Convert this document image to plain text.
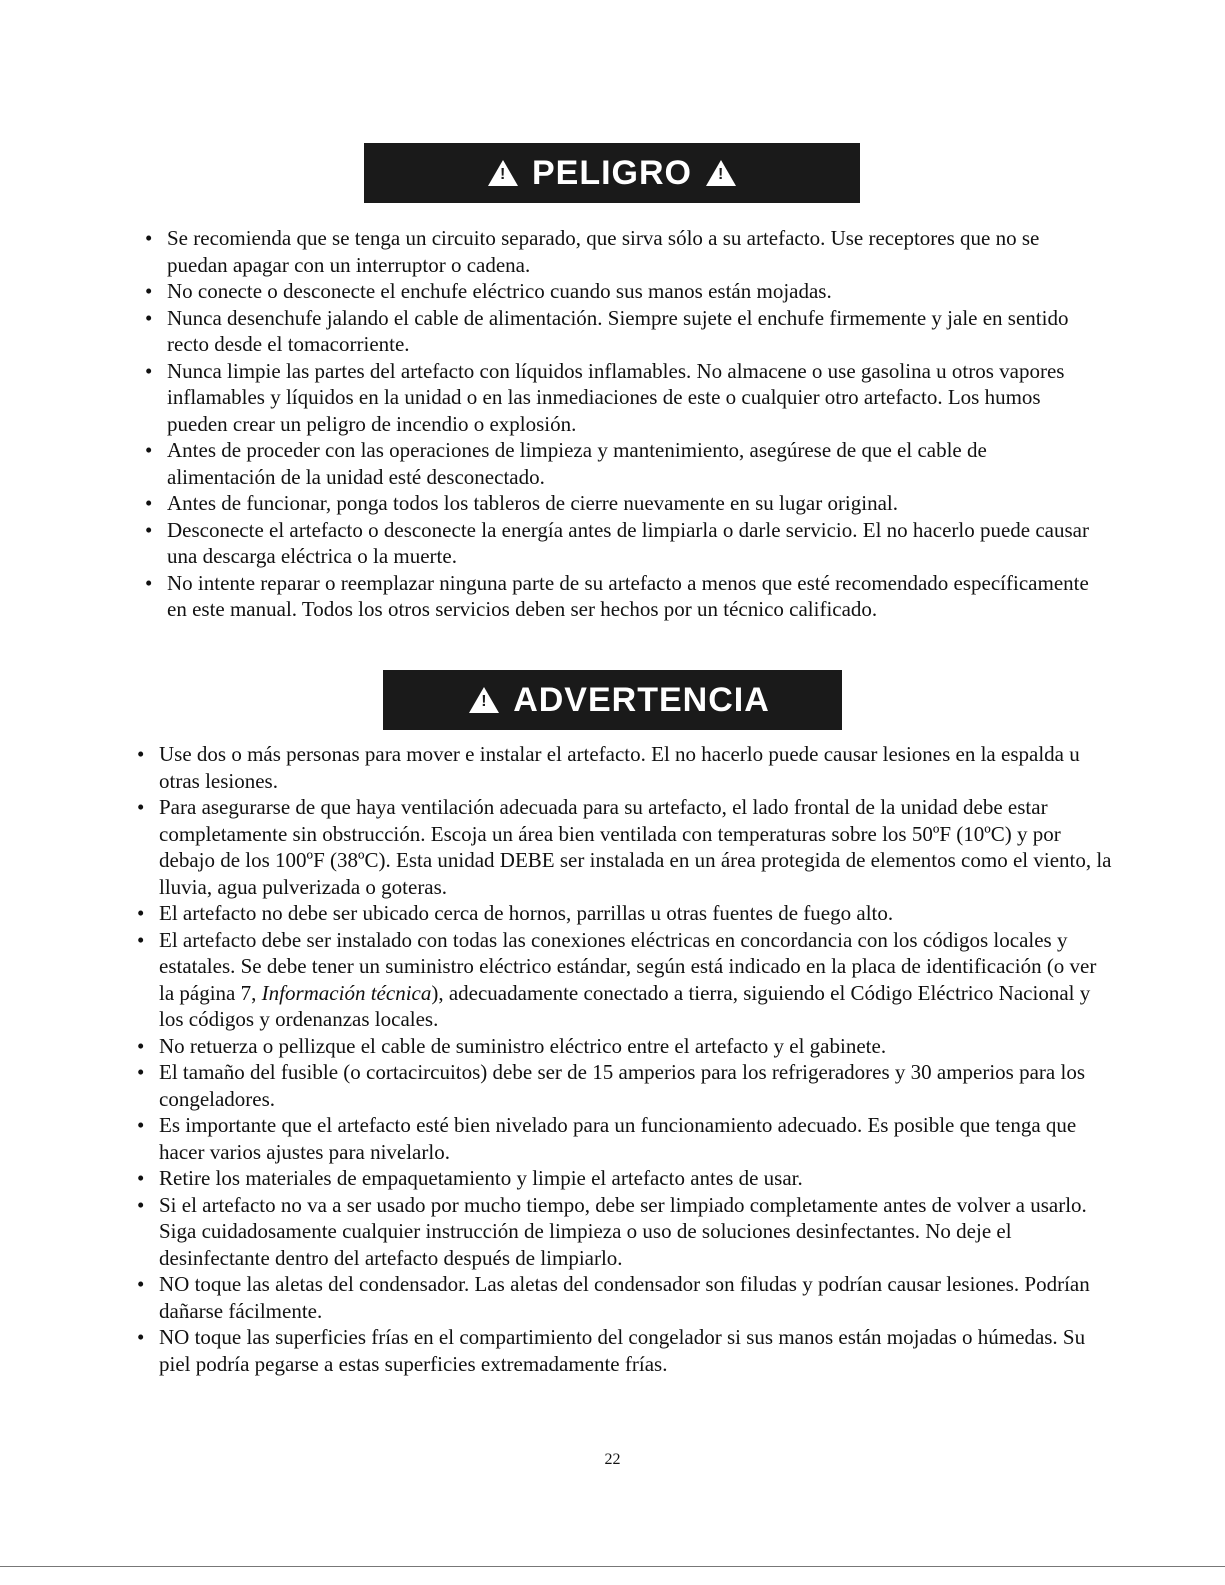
!
PELIGRO
!
• Se recomienda que se tenga un circuito separado, que sirva sólo a su artefacto. Use receptores que no se puedan apagar con un interruptor o cadena.
• No conecte o desconecte el enchufe eléctrico cuando sus manos están mojadas.
• Nunca desenchufe jalando el cable de alimentación. Siempre sujete el enchufe firmemente y jale en sentido recto desde el tomacorriente.
• Nunca limpie las partes del artefacto con líquidos inflamables. No almacene o use gasolina u otros vapores inflamables y líquidos en la unidad o en las inmediaciones de este o cualquier otro artefacto. Los humos pueden crear un peligro de incendio o explosión.
• Antes de proceder con las operaciones de limpieza y mantenimiento, asegúrese de que el cable de alimentación de la unidad esté desconectado.
• Antes de funcionar, ponga todos los tableros de cierre nuevamente en su lugar original.
• Desconecte el artefacto o desconecte la energía antes de limpiarla o darle servicio. El no hacerlo puede causar una descarga eléctrica o la muerte.
• No intente reparar o reemplazar ninguna parte de su artefacto a menos que esté recomendado específicamente en este manual. Todos los otros servicios deben ser hechos por un técnico calificado.
!
ADVERTENCIA
• Use dos o más personas para mover e instalar el artefacto. El no hacerlo puede causar lesiones en la espalda u otras lesiones.
• Para asegurarse de que haya ventilación adecuada para su artefacto, el lado frontal de la unidad debe estar completamente sin obstrucción. Escoja un área bien ventilada con temperaturas sobre los 50ºF (10ºC) y por debajo de los 100ºF (38ºC). Esta unidad DEBE ser instalada en un área protegida de elementos como el viento, la lluvia, agua pulverizada o goteras.
• El artefacto no debe ser ubicado cerca de hornos, parrillas u otras fuentes de fuego alto.
• El artefacto debe ser instalado con todas las conexiones eléctricas en concordancia con los códigos locales y estatales. Se debe tener un suministro eléctrico estándar, según está indicado en la placa de identificación (o ver la página 7, Información técnica), adecuadamente conectado a tierra, siguiendo el Código Eléctrico Nacional y los códigos y ordenanzas locales.
• No retuerza o pellizque el cable de suministro eléctrico entre el artefacto y el gabinete.
• El tamaño del fusible (o cortacircuitos) debe ser de 15 amperios para los refrigeradores y 30 amperios para los congeladores.
• Es importante que el artefacto esté bien nivelado para un funcionamiento adecuado. Es posible que tenga que hacer varios ajustes para nivelarlo.
• Retire los materiales de empaquetamiento y limpie el artefacto antes de usar.
• Si el artefacto no va a ser usado por mucho tiempo, debe ser limpiado completamente antes de volver a usarlo. Siga cuidadosamente cualquier instrucción de limpieza o uso de soluciones desinfectantes. No deje el desinfectante dentro del artefacto después de limpiarlo.
• NO toque las aletas del condensador. Las aletas del condensador son filudas y podrían causar lesiones. Podrían dañarse fácilmente.
• NO toque las superficies frías en el compartimiento del congelador si sus manos están mojadas o húmedas. Su piel podría pegarse a estas superficies extremadamente frías.
22
